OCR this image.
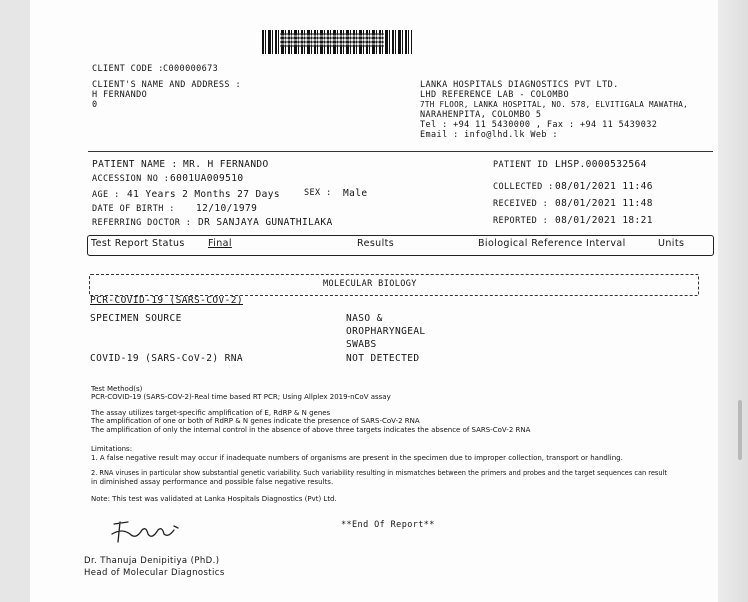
CLIENT CODE : C000000673
CLIENT'S NAME AND ADDRESS :
H FERNANDO
0
LANKA HOSPITALS DIAGNOSTICS PVT LTD.
LHD REFERENCE LAB - COLOMBO
7TH FLOOR, LANKA HOSPITAL, NO. 578, ELVITIGALA MAWATHA,
NARAHENPITA, COLOMBO 5
Tel : +94 11 5430000 , Fax : +94 11 5439032
Email : info@lhd.lk Web :
PATIENT NAME : MR. H FERNANDO
ACCESSION NO : 6001UA009510
AGE : 41 Years 2 Months 27 Days	SEX : Male
DATE OF BIRTH : 12/10/1979
REFERRING DOCTOR : DR SANJAYA GUNATHILAKA
PATIENT ID :
LHSP.0000532564
COLLECTED : 08/01/2021 11:46
RECEIVED : 08/01/2021 11:48
REPORTED : 08/01/2021 18:21
Test Report Status Final	Results	Biological Reference Interval	Units
MOLECULAR BIOLOGY
PCR-COVID-19 (SARS-COV-2)
SPECIMEN SOURCE	NASO &
OROPHARYNGEAL
SWABS
COVID-19 (SARS-CoV-2) RNA	NOT DETECTED
Test Method(s)
PCR-COVID-19 (SARS-COV-2)-Real time based RT PCR; Using Allplex 2019-nCoV assay
The assay utilizes target-specific amplification of E, RdRP & N genes
The amplification of one or both of RdRP & N genes indicate the presence of SARS-CoV-2 RNA
The amplification of only the internal control in the absence of above three targets indicates the absence of SARS-CoV-2 RNA
Limitations:
1. A false negative result may occur if inadequate numbers of organisms are present in the specimen due to improper collection, transport or handling.
2. RNA viruses in particular show substantial genetic variability. Such variability resulting in mismatches between the primers and probes and the target sequences can result
in diminished assay performance and possible false negative results.
Note: This test was validated at Lanka Hospitals Diagnostics (Pvt) Ltd.
**End Of Report**
Dr. Thanuja Denipitiya (PhD.)
Head of Molecular Diagnostics
